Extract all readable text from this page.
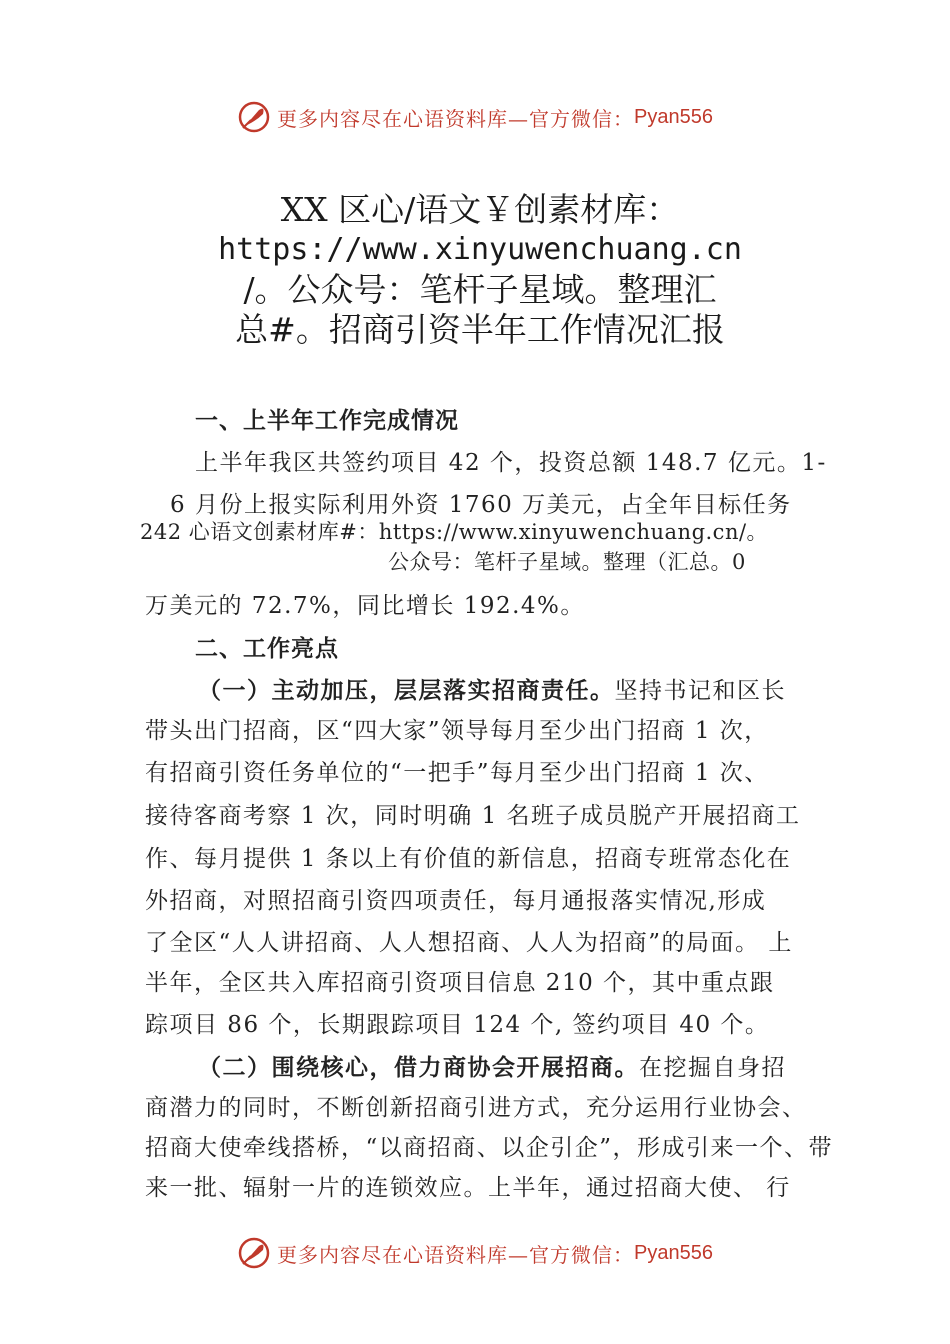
更多内容尽在心语资料库—官方微信： Pyan556
XX 区心/语文￥创素材库：
https://www.xinyuwenchuang.cn
/。公众号：笔杆子星域。整理汇
总#。招商引资半年工作情况汇报
一、上半年工作完成情况
上半年我区共签约项目 42 个，投资总额 148.7 亿元。1-
6 月份上报实际利用外资 1760 万美元，占全年目标任务
242 心语文创素材库#：https://www.xinyuwenchuang.cn/。
公众号：笔杆子星域。整理（汇总。0
万美元的 72.7%，同比增长 192.4%。
二、工作亮点
（一）主动加压，层层落实招商责任。坚持书记和区长
带头出门招商，区“四大家”领导每月至少出门招商 1 次，
有招商引资任务单位的“一把手”每月至少出门招商 1 次、
接待客商考察 1 次，同时明确 1 名班子成员脱产开展招商工
作、每月提供 1 条以上有价值的新信息，招商专班常态化在
外招商，对照招商引资四项责任，每月通报落实情况,形成
了全区“人人讲招商、人人想招商、人人为招商”的局面。 上
半年，全区共入库招商引资项目信息 210 个，其中重点跟
踪项目 86 个，长期跟踪项目 124 个, 签约项目 40 个。
（二）围绕核心，借力商协会开展招商。在挖掘自身招
商潜力的同时，不断创新招商引进方式，充分运用行业协会、
招商大使牵线搭桥，“以商招商、以企引企”，形成引来一个、带
来一批、辐射一片的连锁效应。上半年，通过招商大使、 行
更多内容尽在心语资料库—官方微信： Pyan556
